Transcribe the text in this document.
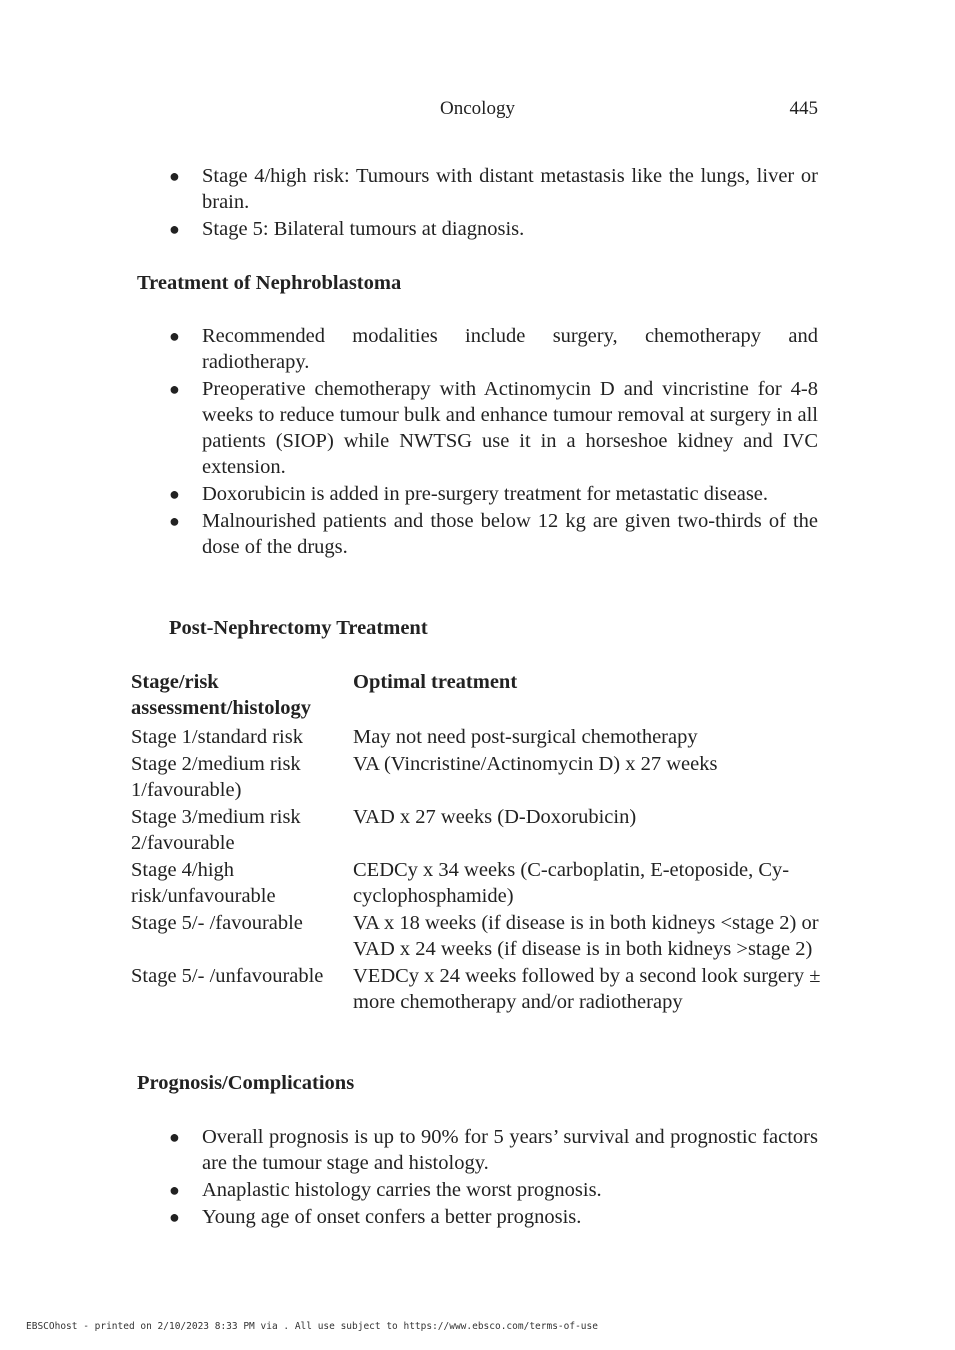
Oncology	445
● Stage 4/high risk: Tumours with distant metastasis like the lungs, liver or brain.
● Stage 5: Bilateral tumours at diagnosis.
Treatment of Nephroblastoma
● Recommended modalities include surgery, chemotherapy and radiotherapy.
● Preoperative chemotherapy with Actinomycin D and vincristine for 4-8 weeks to reduce tumour bulk and enhance tumour removal at surgery in all patients (SIOP) while NWTSG use it in a horseshoe kidney and IVC extension.
● Doxorubicin is added in pre-surgery treatment for metastatic disease.
● Malnourished patients and those below 12 kg are given two-thirds of the dose of the drugs.
Post-Nephrectomy Treatment
Stage/risk assessment/histology	Optimal treatment
Stage 1/standard risk	May not need post-surgical chemotherapy
Stage 2/medium risk 1/favourable)	VA (Vincristine/Actinomycin D) x 27 weeks
Stage 3/medium risk 2/favourable	VAD x 27 weeks (D-Doxorubicin)
Stage 4/high risk/unfavourable	CEDCy x 34 weeks (C-carboplatin, E-etoposide, Cy-cyclophosphamide)
Stage 5/- /favourable	VA x 18 weeks (if disease is in both kidneys <stage 2) or VAD x 24 weeks (if disease is in both kidneys >stage 2)
Stage 5/- /unfavourable	VEDCy x 24 weeks followed by a second look surgery ± more chemotherapy and/or radiotherapy
Prognosis/Complications
● Overall prognosis is up to 90% for 5 years’ survival and prognostic factors are the tumour stage and histology.
● Anaplastic histology carries the worst prognosis.
● Young age of onset confers a better prognosis.
EBSCOhost - printed on 2/10/2023 8:33 PM via . All use subject to https://www.ebsco.com/terms-of-use
